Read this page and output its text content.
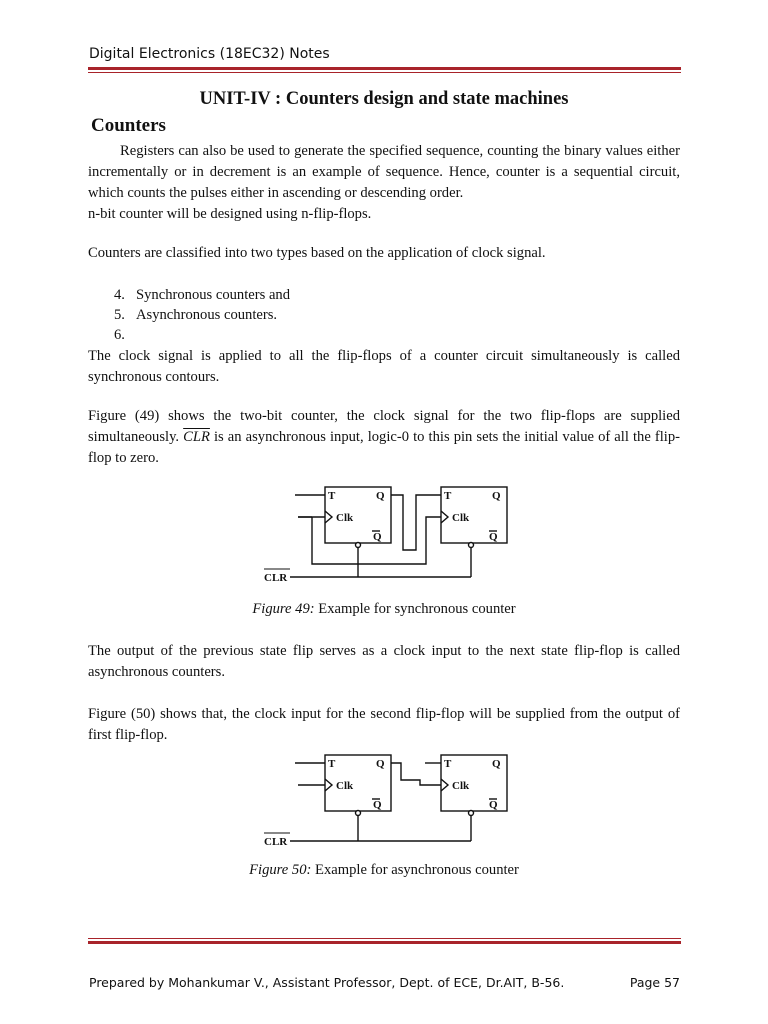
Digital Electronics (18EC32) Notes
UNIT-IV : Counters design and state machines
Counters

Registers can also be used to generate the specified sequence, counting the binary values either incrementally or in decrement is an example of sequence. Hence, counter is a sequential circuit, which counts the pulses either in ascending or descending order.

n-bit counter will be designed using n-flip-flops.

Counters are classified into two types based on the application of clock signal.

4. Synchronous counters and
5. Asynchronous counters.
6.

The clock signal is applied to all the flip-flops of a counter circuit simultaneously is called synchronous contours.

Figure (49) shows the two-bit counter, the clock signal for the two flip-flops are supplied simultaneously. $\overline{CLR}$ is an asynchronous input, logic-0 to this pin sets the initial value of all the flip-flop to zero.

T	Q
Clk
Q
T	Q
Clk
Q
CLR
Figure 49: Example for synchronous counter

The output of the previous state flip serves as a clock input to the next state flip-flop is called asynchronous counters.

Figure (50) shows that, the clock input for the second flip-flop will be supplied from the output of first flip-flop.

T	Q
Clk
Q
T	Q
Clk
Q
CLR
Figure 50: Example for asynchronous counter
Prepared by Mohankumar V., Assistant Professor, Dept. of ECE, Dr.AIT, B-56.	Page 57
